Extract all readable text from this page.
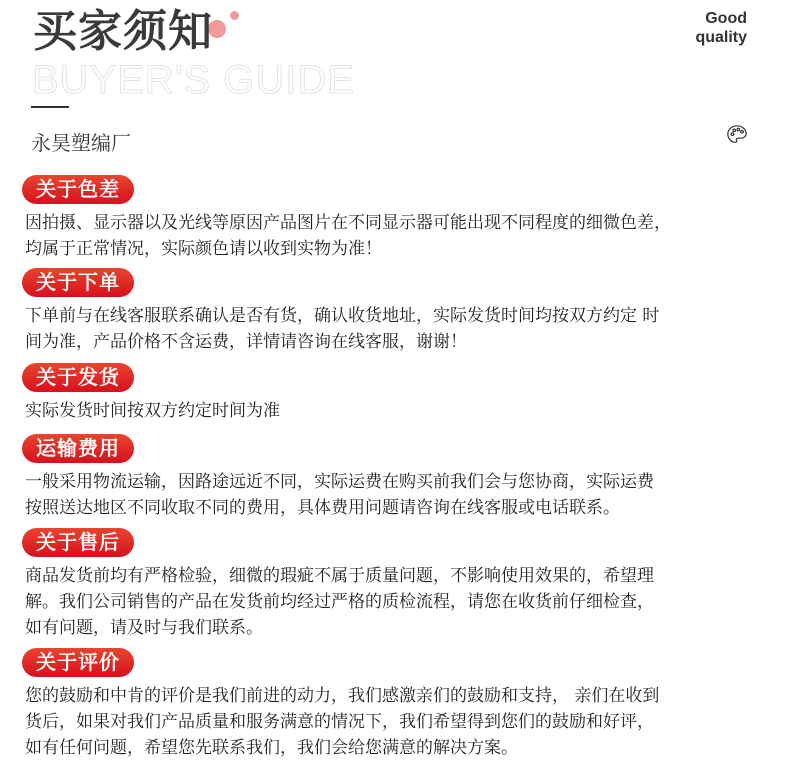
BUYER'S GUIDE
买家须知	Good
quality
永昊塑编厂
关于色差
因拍摄、显示器以及光线等原因产品图片在不同显示器可能出现不同程度的细微色差，
均属于正常情况，实际颜色请以收到实物为准！
关于下单
下单前与在线客服联系确认是否有货，确认收货地址，实际发货时间均按双方约定 时
间为准，产品价格不含运费，详情请咨询在线客服，谢谢！
关于发货
实际发货时间按双方约定时间为准
运输费用
一般采用物流运输，因路途远近不同，实际运费在购买前我们会与您协商，实际运费
按照送达地区不同收取不同的费用，具体费用问题请咨询在线客服或电话联系。
关于售后
商品发货前均有严格检验，细微的瑕疵不属于质量问题，不影响使用效果的，希望理
解。我们公司销售的产品在发货前均经过严格的质检流程，请您在收货前仔细检查，
如有问题，请及时与我们联系。
关于评价
您的鼓励和中肯的评价是我们前进的动力，我们感激亲们的鼓励和支持， 亲们在收到
货后，如果对我们产品质量和服务满意的情况下，我们希望得到您们的鼓励和好评，
如有任何问题，希望您先联系我们，我们会给您满意的解决方案。
